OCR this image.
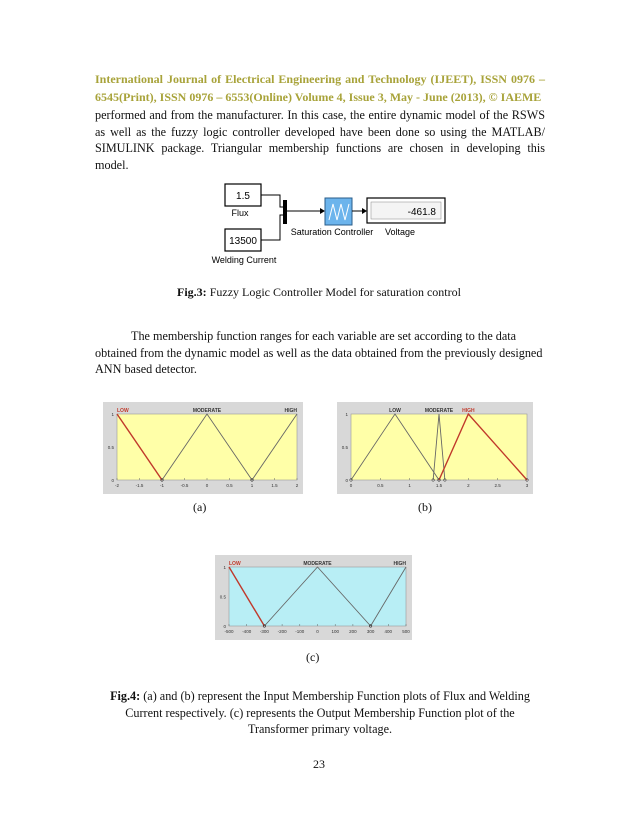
International Journal of Electrical Engineering and Technology (IJEET), ISSN 0976 – 6545(Print), ISSN 0976 – 6553(Online) Volume 4, Issue 3, May - June (2013), © IAEME
performed and from the manufacturer. In this case, the entire dynamic model of the RSWS as well as the fuzzy logic controller developed have been done so using the MATLAB/ SIMULINK package. Triangular membership functions are chosen in developing this model.
1.5
Flux
13500
Welding Current
Saturation Controller
-461.8
Voltage
Fig.3: Fuzzy Logic Controller Model for saturation control
The membership function ranges for each variable are set according to the data
obtained from the dynamic model as well as the data obtained from the previously designed ANN based detector.
0
0.5
1
-2	-1.5	-1	-0.5	0	0.5	1	1.5	2
LOW	MODERATE	HIGH
0
0.5
1
0	0.5	1	1.5	2	2.5	3
LOW	MODERATE HIGH
0
0.5
1
-500 -400 -300 -200 -100	0	100 200 300 400 500
LOW	MODERATE	HIGH
(a)	(b)
(c)
Fig.4: (a) and (b) represent the Input Membership Function plots of Flux and Welding Current respectively. (c) represents the Output Membership Function plot of the Transformer primary voltage.
23
